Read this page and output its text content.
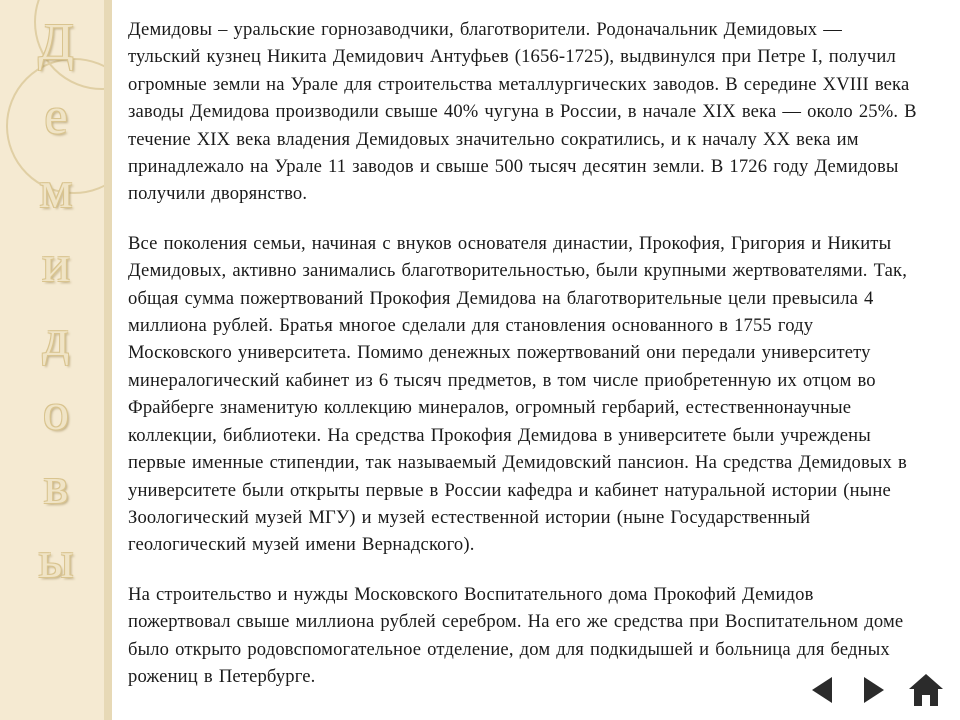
Д
е
м
и
д
о
в
ы

Демидовы – уральские горнозаводчики, благотворители. Родоначальник Демидовых — тульский кузнец Никита Демидович Антуфьев (1656-1725), выдвинулся при Петре I, получил огромные земли на Урале для строительства металлургических заводов. В середине XVIII века заводы Демидова производили свыше 40% чугуна в России, в начале XIX века — около 25%. В течение XIX века владения Демидовых значительно сократились, и к началу XX века им принадлежало на Урале 11 заводов и свыше 500 тысяч десятин земли. В 1726 году Демидовы получили дворянство.

Все поколения семьи, начиная с внуков основателя династии, Прокофия, Григория и Никиты Демидовых, активно занимались благотворительностью, были крупными жертвователями. Так, общая сумма пожертвований Прокофия Демидова на благотворительные цели превысила 4 миллиона рублей. Братья многое сделали для становления основанного в 1755 году Московского университета. Помимо денежных пожертвований они передали университету минералогический кабинет из 6 тысяч предметов, в том числе приобретенную их отцом во Фрайберге знаменитую коллекцию минералов, огромный гербарий, естественнонаучные коллекции, библиотеки. На средства Прокофия Демидова в университете были учреждены первые именные стипендии, так называемый Демидовский пансион. На средства Демидовых в университете были открыты первые в России кафедра и кабинет натуральной истории (ныне Зоологический музей МГУ) и музей естественной истории (ныне Государственный геологический музей имени Вернадского).

На строительство и нужды Московского Воспитательного дома Прокофий Демидов пожертвовал свыше миллиона рублей серебром. На его же средства при Воспитательном доме было открыто родовспомогательное отделение, дом для подкидышей и больница для бедных рожениц в Петербурге.
